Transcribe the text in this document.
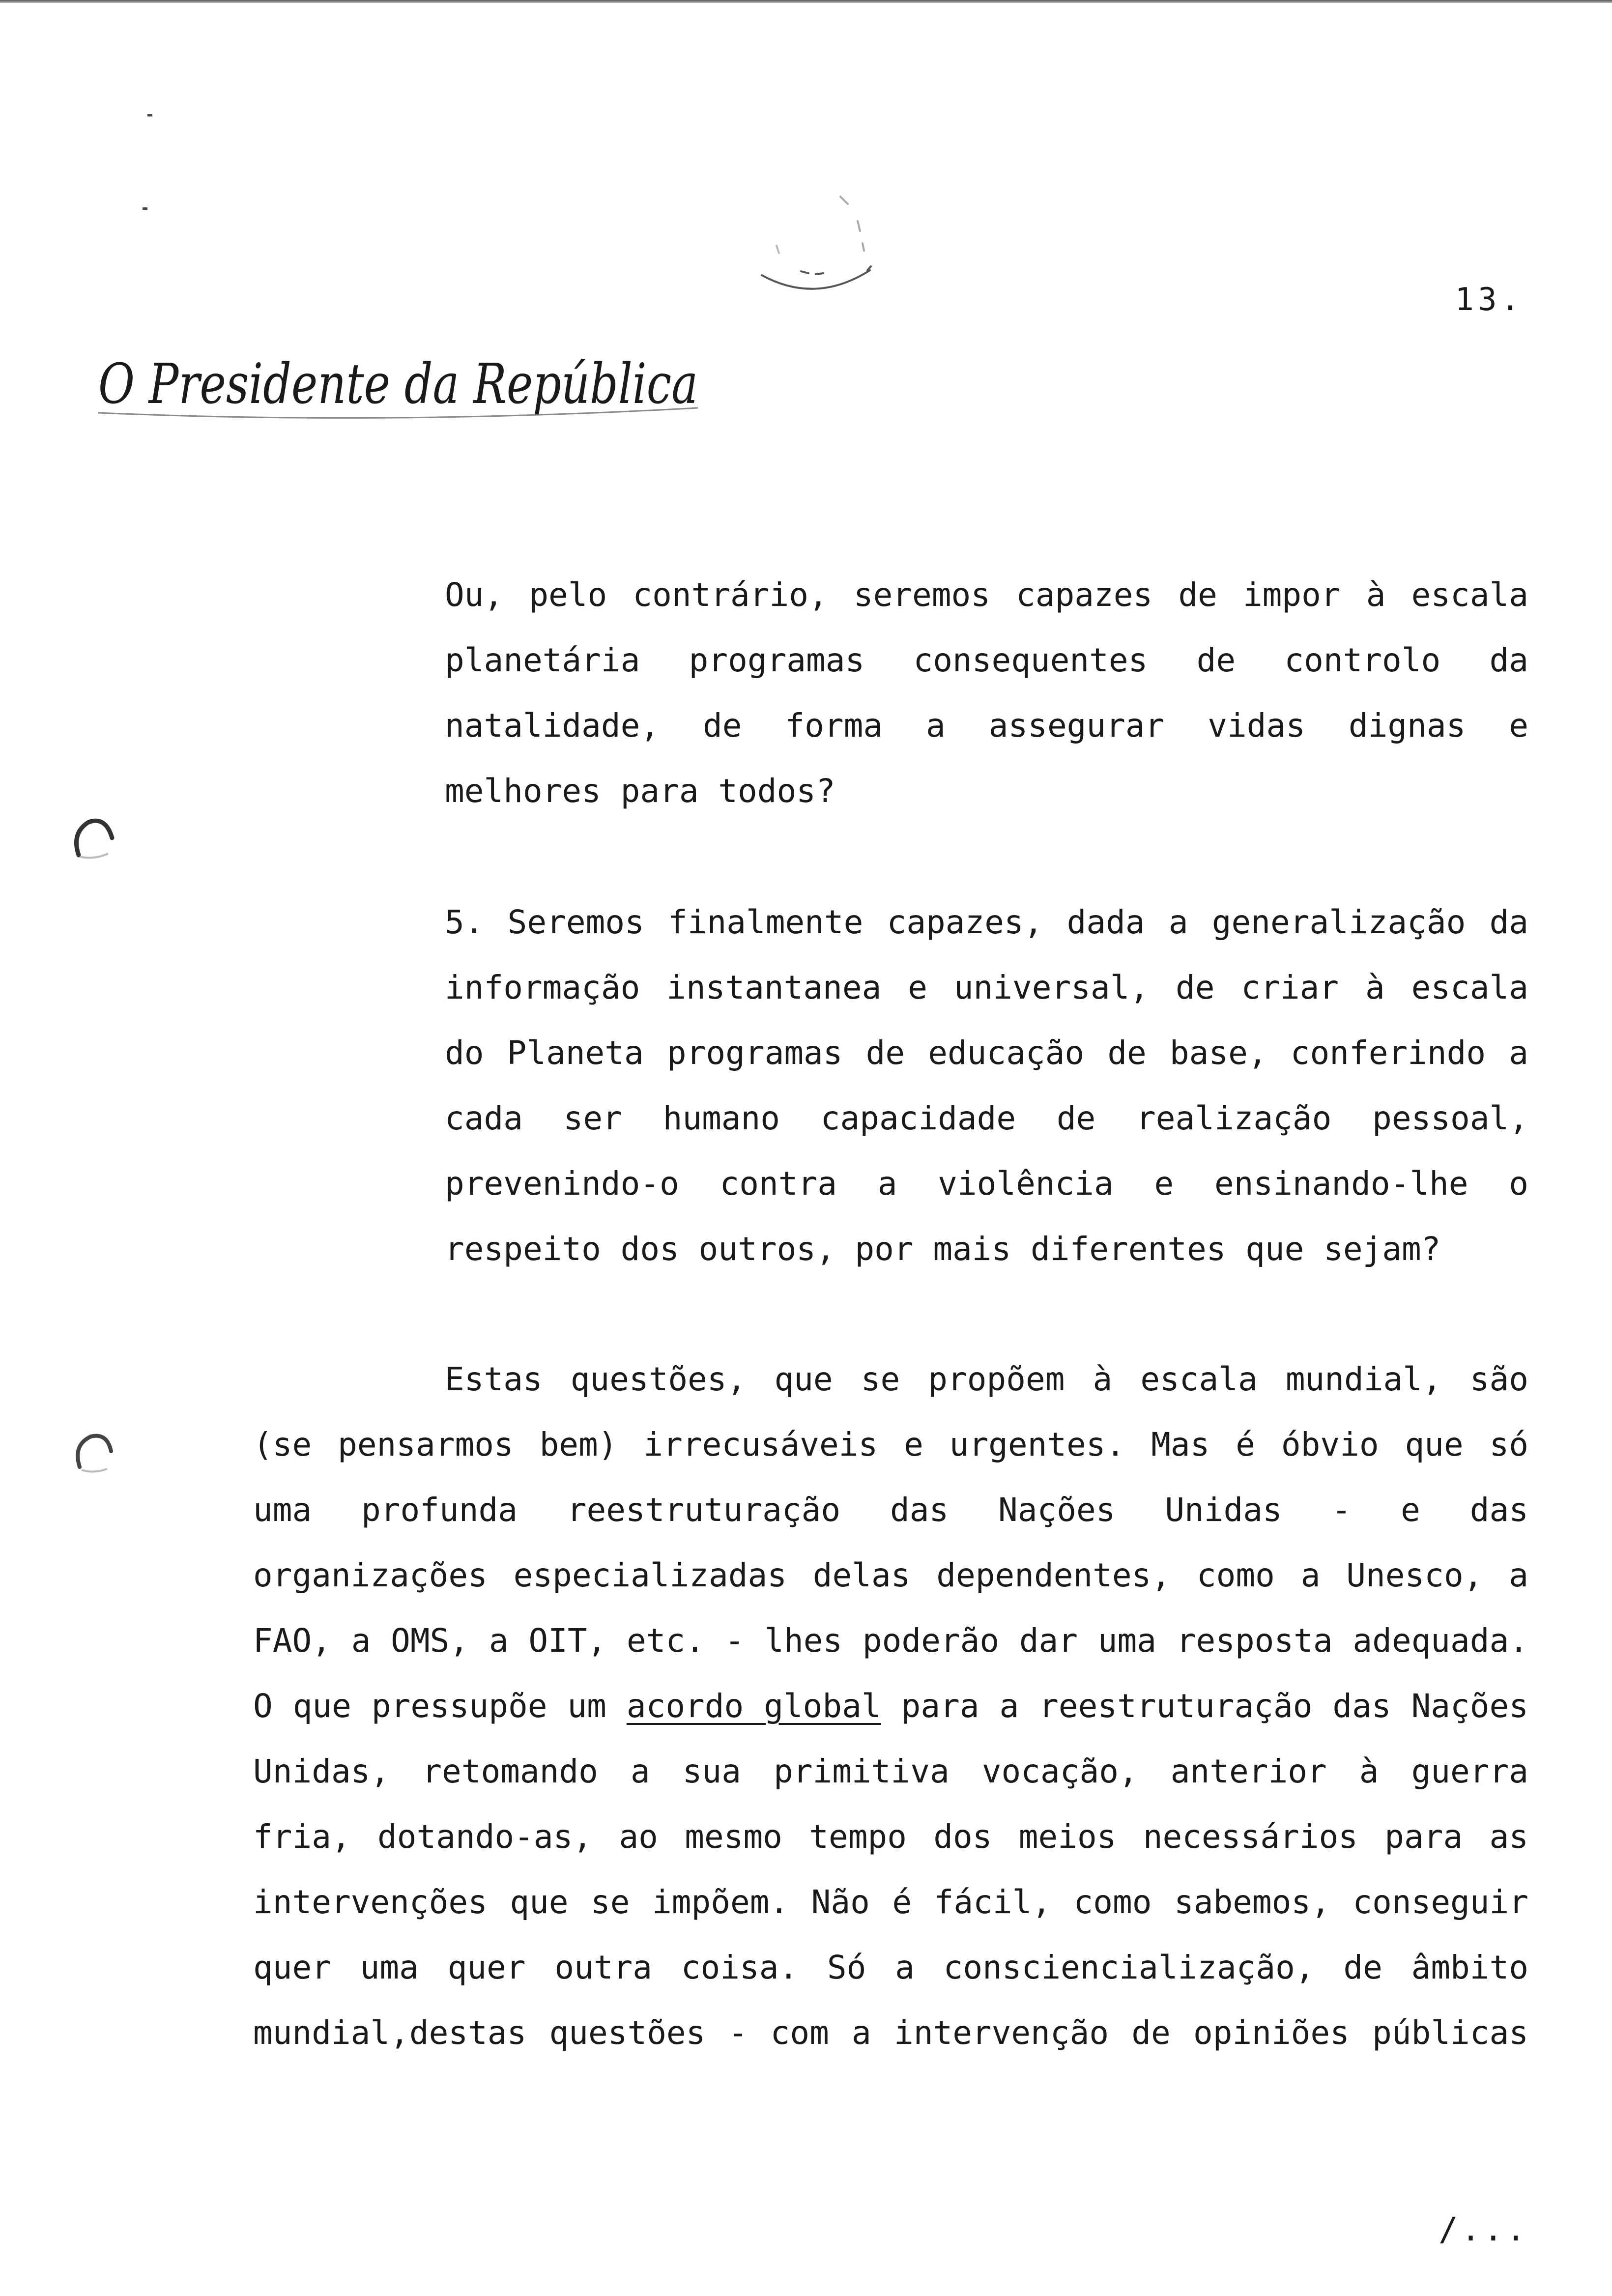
13.
O Presidente da República
Ou, pelo contrário, seremos capazes de impor à escala
planetária programas consequentes de controlo da
natalidade, de forma a assegurar vidas dignas e
melhores para todos?
5. Seremos finalmente capazes, dada a generalização da
informação instantanea e universal, de criar à escala
do Planeta programas de educação de base, conferindo a
cada ser humano capacidade de realização pessoal,
prevenindo-o contra a violência e ensinando-lhe o
respeito dos outros, por mais diferentes que sejam?
Estas questões, que se propõem à escala mundial, são
(se pensarmos bem) irrecusáveis e urgentes. Mas é óbvio que só
uma profunda reestruturação das Nações Unidas - e das
organizações especializadas delas dependentes, como a Unesco, a
FAO, a OMS, a OIT, etc. - lhes poderão dar uma resposta adequada.
O que pressupõe um acordo global para a reestruturação das Nações
Unidas, retomando a sua primitiva vocação, anterior à guerra
fria, dotando-as, ao mesmo tempo dos meios necessários para as
intervenções que se impõem. Não é fácil, como sabemos, conseguir
quer uma quer outra coisa. Só a consciencialização, de âmbito
mundial,destas questões - com a intervenção de opiniões públicas
/...
